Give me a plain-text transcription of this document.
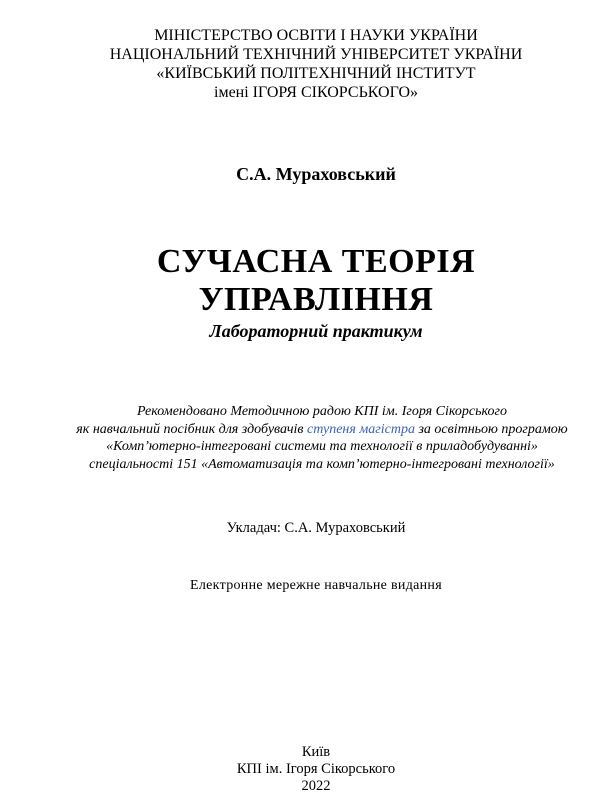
МІНІСТЕРСТВО ОСВІТИ І НАУКИ УКРАЇНИ
НАЦІОНАЛЬНИЙ ТЕХНІЧНИЙ УНІВЕРСИТЕТ УКРАЇНИ
«КИЇВСЬКИЙ ПОЛІТЕХНІЧНИЙ ІНСТИТУТ
імені ІГОРЯ СІКОРСЬКОГО»
С.А. Мураховський
СУЧАСНА ТЕОРІЯ
УПРАВЛІННЯ
Лабораторний практикум
Рекомендовано Методичною радою КПІ ім. Ігоря Сікорського
як навчальний посібник для здобувачів ступеня магістра за освітньою програмою
«Комп’ютерно-інтегровані системи та технології в приладобудуванні»
спеціальності 151 «Автоматизація та комп’ютерно-інтегровані технології»
Укладач: С.А. Мураховський
Електронне мережне навчальне видання
Київ
КПІ ім. Ігоря Сікорського
2022
